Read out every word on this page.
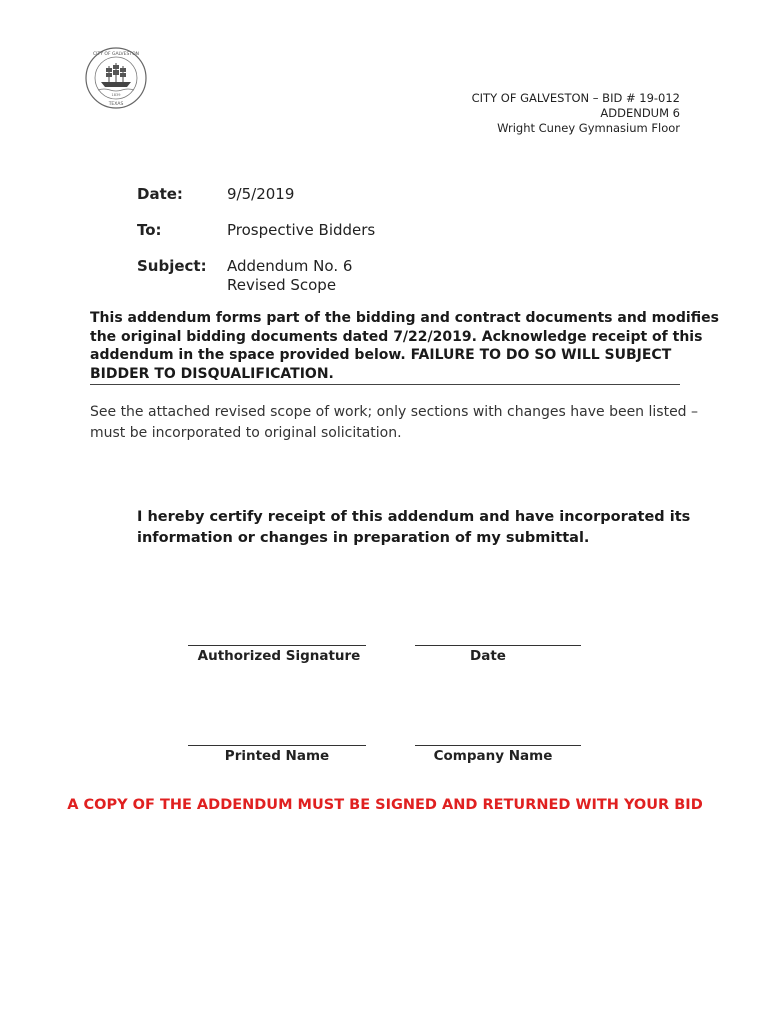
CITY OF GALVESTON
TEXAS
1839	CITY OF GALVESTON – BID # 19-012
ADDENDUM 6
Wright Cuney Gymnasium Floor
Date:	9/5/2019
To:	Prospective Bidders
Subject: Addendum No. 6
Revised Scope
This addendum forms part of the bidding and contract documents and modifies
the original bidding documents dated 7/22/2019. Acknowledge receipt of this
addendum in the space provided below. FAILURE TO DO SO WILL SUBJECT
BIDDER TO DISQUALIFICATION.
See the attached revised scope of work; only sections with changes have been listed –
must be incorporated to original solicitation.
I hereby certify receipt of this addendum and have incorporated its
information or changes in preparation of my submittal.
Authorized Signature	Date
Printed Name	Company Name
A COPY OF THE ADDENDUM MUST BE SIGNED AND RETURNED WITH YOUR BID
